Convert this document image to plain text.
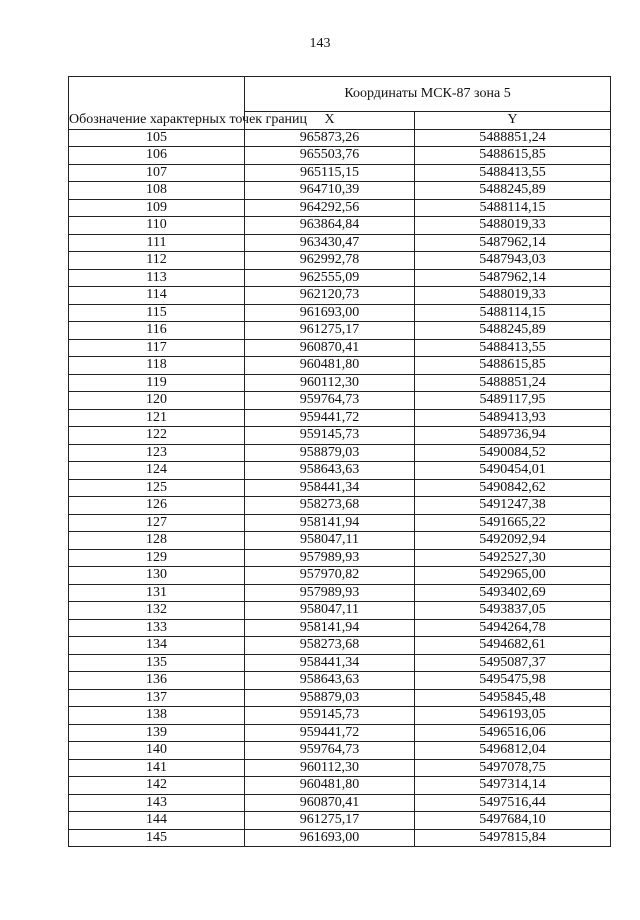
143
Обозначение характерных точек границ	Координаты МСК-87 зона 5	
	X	Y
105	965873,26	5488851,24
106	965503,76	5488615,85
107	965115,15	5488413,55
108	964710,39	5488245,89
109	964292,56	5488114,15
110	963864,84	5488019,33
111	963430,47	5487962,14
112	962992,78	5487943,03
113	962555,09	5487962,14
114	962120,73	5488019,33
115	961693,00	5488114,15
116	961275,17	5488245,89
117	960870,41	5488413,55
118	960481,80	5488615,85
119	960112,30	5488851,24
120	959764,73	5489117,95
121	959441,72	5489413,93
122	959145,73	5489736,94
123	958879,03	5490084,52
124	958643,63	5490454,01
125	958441,34	5490842,62
126	958273,68	5491247,38
127	958141,94	5491665,22
128	958047,11	5492092,94
129	957989,93	5492527,30
130	957970,82	5492965,00
131	957989,93	5493402,69
132	958047,11	5493837,05
133	958141,94	5494264,78
134	958273,68	5494682,61
135	958441,34	5495087,37
136	958643,63	5495475,98
137	958879,03	5495845,48
138	959145,73	5496193,05
139	959441,72	5496516,06
140	959764,73	5496812,04
141	960112,30	5497078,75
142	960481,80	5497314,14
143	960870,41	5497516,44
144	961275,17	5497684,10
145	961693,00	5497815,84
